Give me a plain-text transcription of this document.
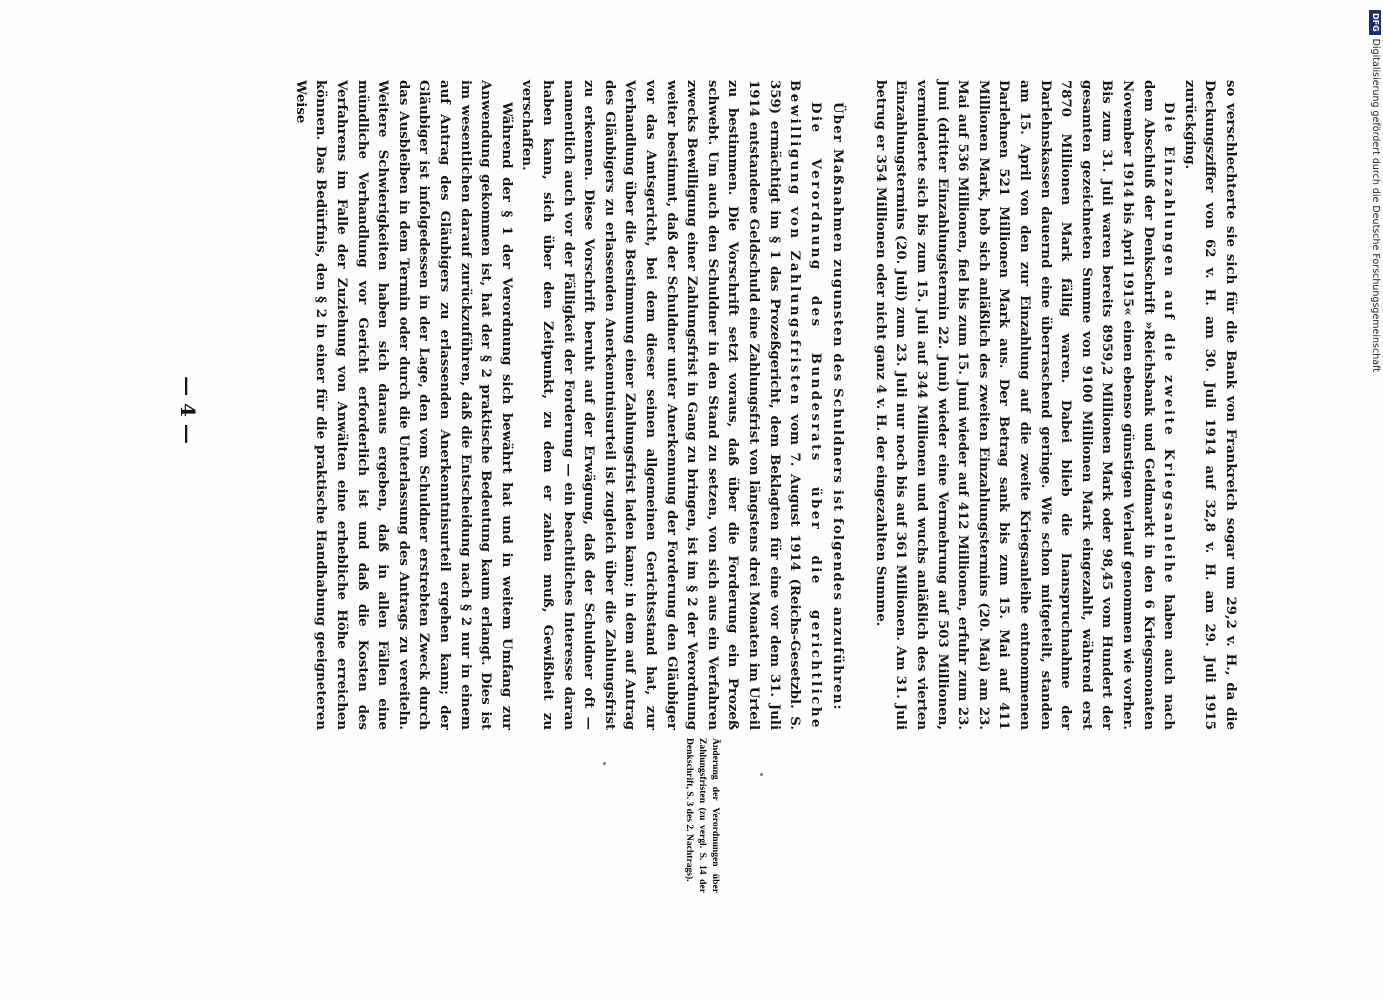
so verschlechterte sie sich für die Bank von Frankreich sogar um 29,2 v. H., da die Deckungsziffer von 62 v. H. am 30. Juli 1914 auf 32,8 v. H. am 29. Juli 1915 zurückging.

Die Einzahlungen auf die zweite Kriegsanleihe haben auch nach dem Abschluß der Denkschrift »Reichsbank und Geldmarkt in den 6 Kriegsmonaten November 1914 bis April 1915« einen ebenso günstigen Verlauf genommen wie vorher. Bis zum 31. Juli waren bereits 8959,2 Millionen Mark oder 98,45 vom Hundert der gesamten gezeichneten Summe von 9100 Millionen Mark eingezahlt, während erst 7870 Millionen Mark fällig waren. Dabei blieb die Inanspruchnahme der Darlehnskassen dauernd eine überraschend geringe. Wie schon mitgeteilt, standen am 15. April von den zur Einzahlung auf die zweite Kriegsanleihe entnommenen Darlehnen 521 Millionen Mark aus. Der Betrag sank bis zum 15. Mai auf 411 Millionen Mark, hob sich anläßlich des zweiten Einzahlungstermins (20. Mai) am 23. Mai auf 536 Millionen, fiel bis zum 15. Juni wieder auf 412 Millionen, erfuhr zum 23. Juni (dritter Einzahlungstermin 22. Juni) wieder eine Vermehrung auf 503 Millionen, verminderte sich bis zum 15. Juli auf 344 Millionen und wuchs anläßlich des vierten Einzahlungstermins (20. Juli) zum 23. Juli nur noch bis auf 361 Millionen. Am 31. Juli betrug er 354 Millionen oder nicht ganz 4 v. H. der eingezahlten Summe.

Über Maßnahmen zugunsten des Schuldners ist folgendes anzuführen:

Die Verordnung des Bundesrats über die gerichtliche Bewilligung von Zahlungsfristen vom 7. August 1914 (Reichs-Gesetzbl. S. 359) ermächtigt im § 1 das Prozeßgericht, dem Beklagten für eine vor dem 31. Juli 1914 entstandene Geldschuld eine Zahlungsfrist von längstens drei Monaten im Urteil zu bestimmen. Die Vorschrift setzt voraus, daß über die Forderung ein Prozeß schwebt. Um auch den Schuldner in den Stand zu setzen, von sich aus ein Verfahren zwecks Bewilligung einer Zahlungsfrist in Gang zu bringen, ist im § 2 der Verordnung weiter bestimmt, daß der Schuldner unter Anerkennung der Forderung den Gläubiger vor das Amtsgericht, bei dem dieser seinen allgemeinen Gerichtsstand hat, zur Verhandlung über die Bestimmung einer Zahlungsfrist laden kann; in dem auf Antrag des Gläubigers zu erlassenden Anerkenntnisurteil ist zugleich über die Zahlungsfrist zu erkennen. Diese Vorschrift beruht auf der Erwägung, daß der Schuldner oft — namentlich auch vor der Fälligkeit der Forderung — ein beachtliches Interesse daran haben kann, sich über den Zeitpunkt, zu dem er zahlen muß, Gewißheit zu verschaffen.

Während der § 1 der Verordnung sich bewährt hat und in weitem Umfang zur Anwendung gekommen ist, hat der § 2 praktische Bedeutung kaum erlangt. Dies ist im wesentlichen darauf zurückzuführen, daß die Entscheidung nach § 2 nur in einem auf Antrag des Gläubigers zu erlassenden Anerkenntnisurteil ergehen kann; der Gläubiger ist infolgedessen in der Lage, den vom Schuldner erstrebten Zweck durch das Ausbleiben in dem Termin oder durch die Unterlassung des Antrags zu vereiteln. Weitere Schwierigkeiten haben sich daraus ergeben, daß in allen Fällen eine mündliche Verhandlung vor Gericht erforderlich ist und daß die Kosten des Verfahrens im Falle der Zuziehung von Anwälten eine erhebliche Höhe erreichen können. Das Bedürfnis, den § 2 in einer für die praktische Handhabung geeigneteren Weise

— 4 —
Änderung der Verordnungen über Zahlungsfristen (zu vergl. S. 14 der Denkschrift, S. 3 des 2. Nachtrags).
DFGDigitalisierung gefördert durch die Deutsche Forschungsgemeinschaft
